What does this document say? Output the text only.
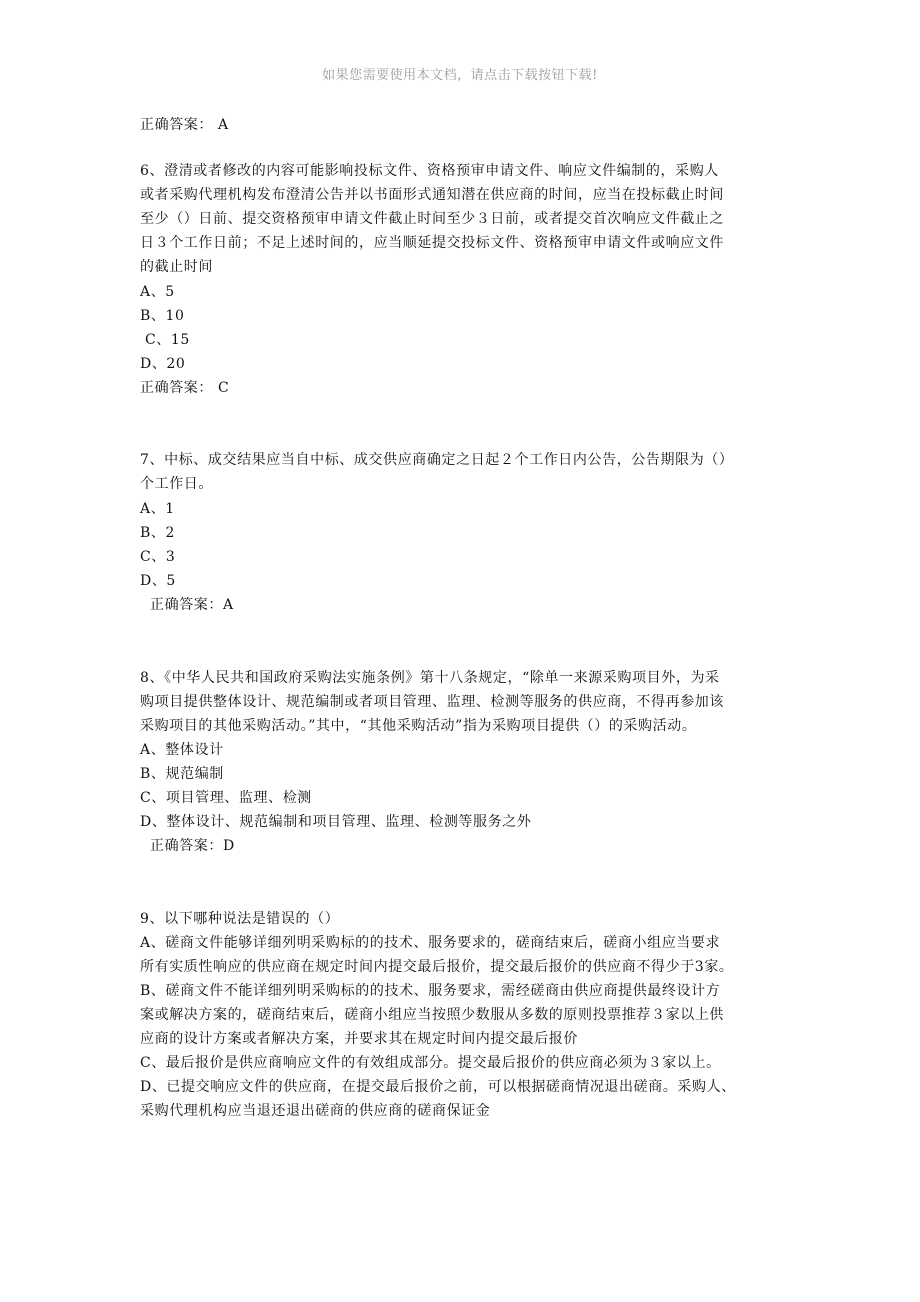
如果您需要使用本文档，请点击下载按钮下载!
正确答案： A
6、澄清或者修改的内容可能影响投标文件、资格预审申请文件、响应文件编制的，采购人
或者采购代理机构发布澄清公告并以书面形式通知潜在供应商的时间，应当在投标截止时间
至少（）日前、提交资格预审申请文件截止时间至少３日前，或者提交首次响应文件截止之
日３个工作日前；不足上述时间的，应当顺延提交投标文件、资格预审申请文件或响应文件
的截止时间
A、5
B、10
C、15
D、20
正确答案： C
7、中标、成交结果应当自中标、成交供应商确定之日起２个工作日内公告，公告期限为（）
个工作日。
A、1
B、2
C、3
D、5
正确答案：A
8、《中华人民共和国政府采购法实施条例》第十八条规定，“除单一来源采购项目外，为采
购项目提供整体设计、规范编制或者项目管理、监理、检测等服务的供应商，不得再参加该
采购项目的其他采购活动。”其中，“其他采购活动”指为采购项目提供（）的采购活动。
A、整体设计
B、规范编制
C、项目管理、监理、检测
D、整体设计、规范编制和项目管理、监理、检测等服务之外
正确答案：D
9、以下哪种说法是错误的（）
A、磋商文件能够详细列明采购标的的技术、服务要求的，磋商结束后，磋商小组应当要求
所有实质性响应的供应商在规定时间内提交最后报价，提交最后报价的供应商不得少于3家。
B、磋商文件不能详细列明采购标的的技术、服务要求，需经磋商由供应商提供最终设计方
案或解决方案的，磋商结束后，磋商小组应当按照少数服从多数的原则投票推荐３家以上供
应商的设计方案或者解决方案，并要求其在规定时间内提交最后报价
C、最后报价是供应商响应文件的有效组成部分。提交最后报价的供应商必须为３家以上。
D、已提交响应文件的供应商，在提交最后报价之前，可以根据磋商情况退出磋商。采购人、
采购代理机构应当退还退出磋商的供应商的磋商保证金
